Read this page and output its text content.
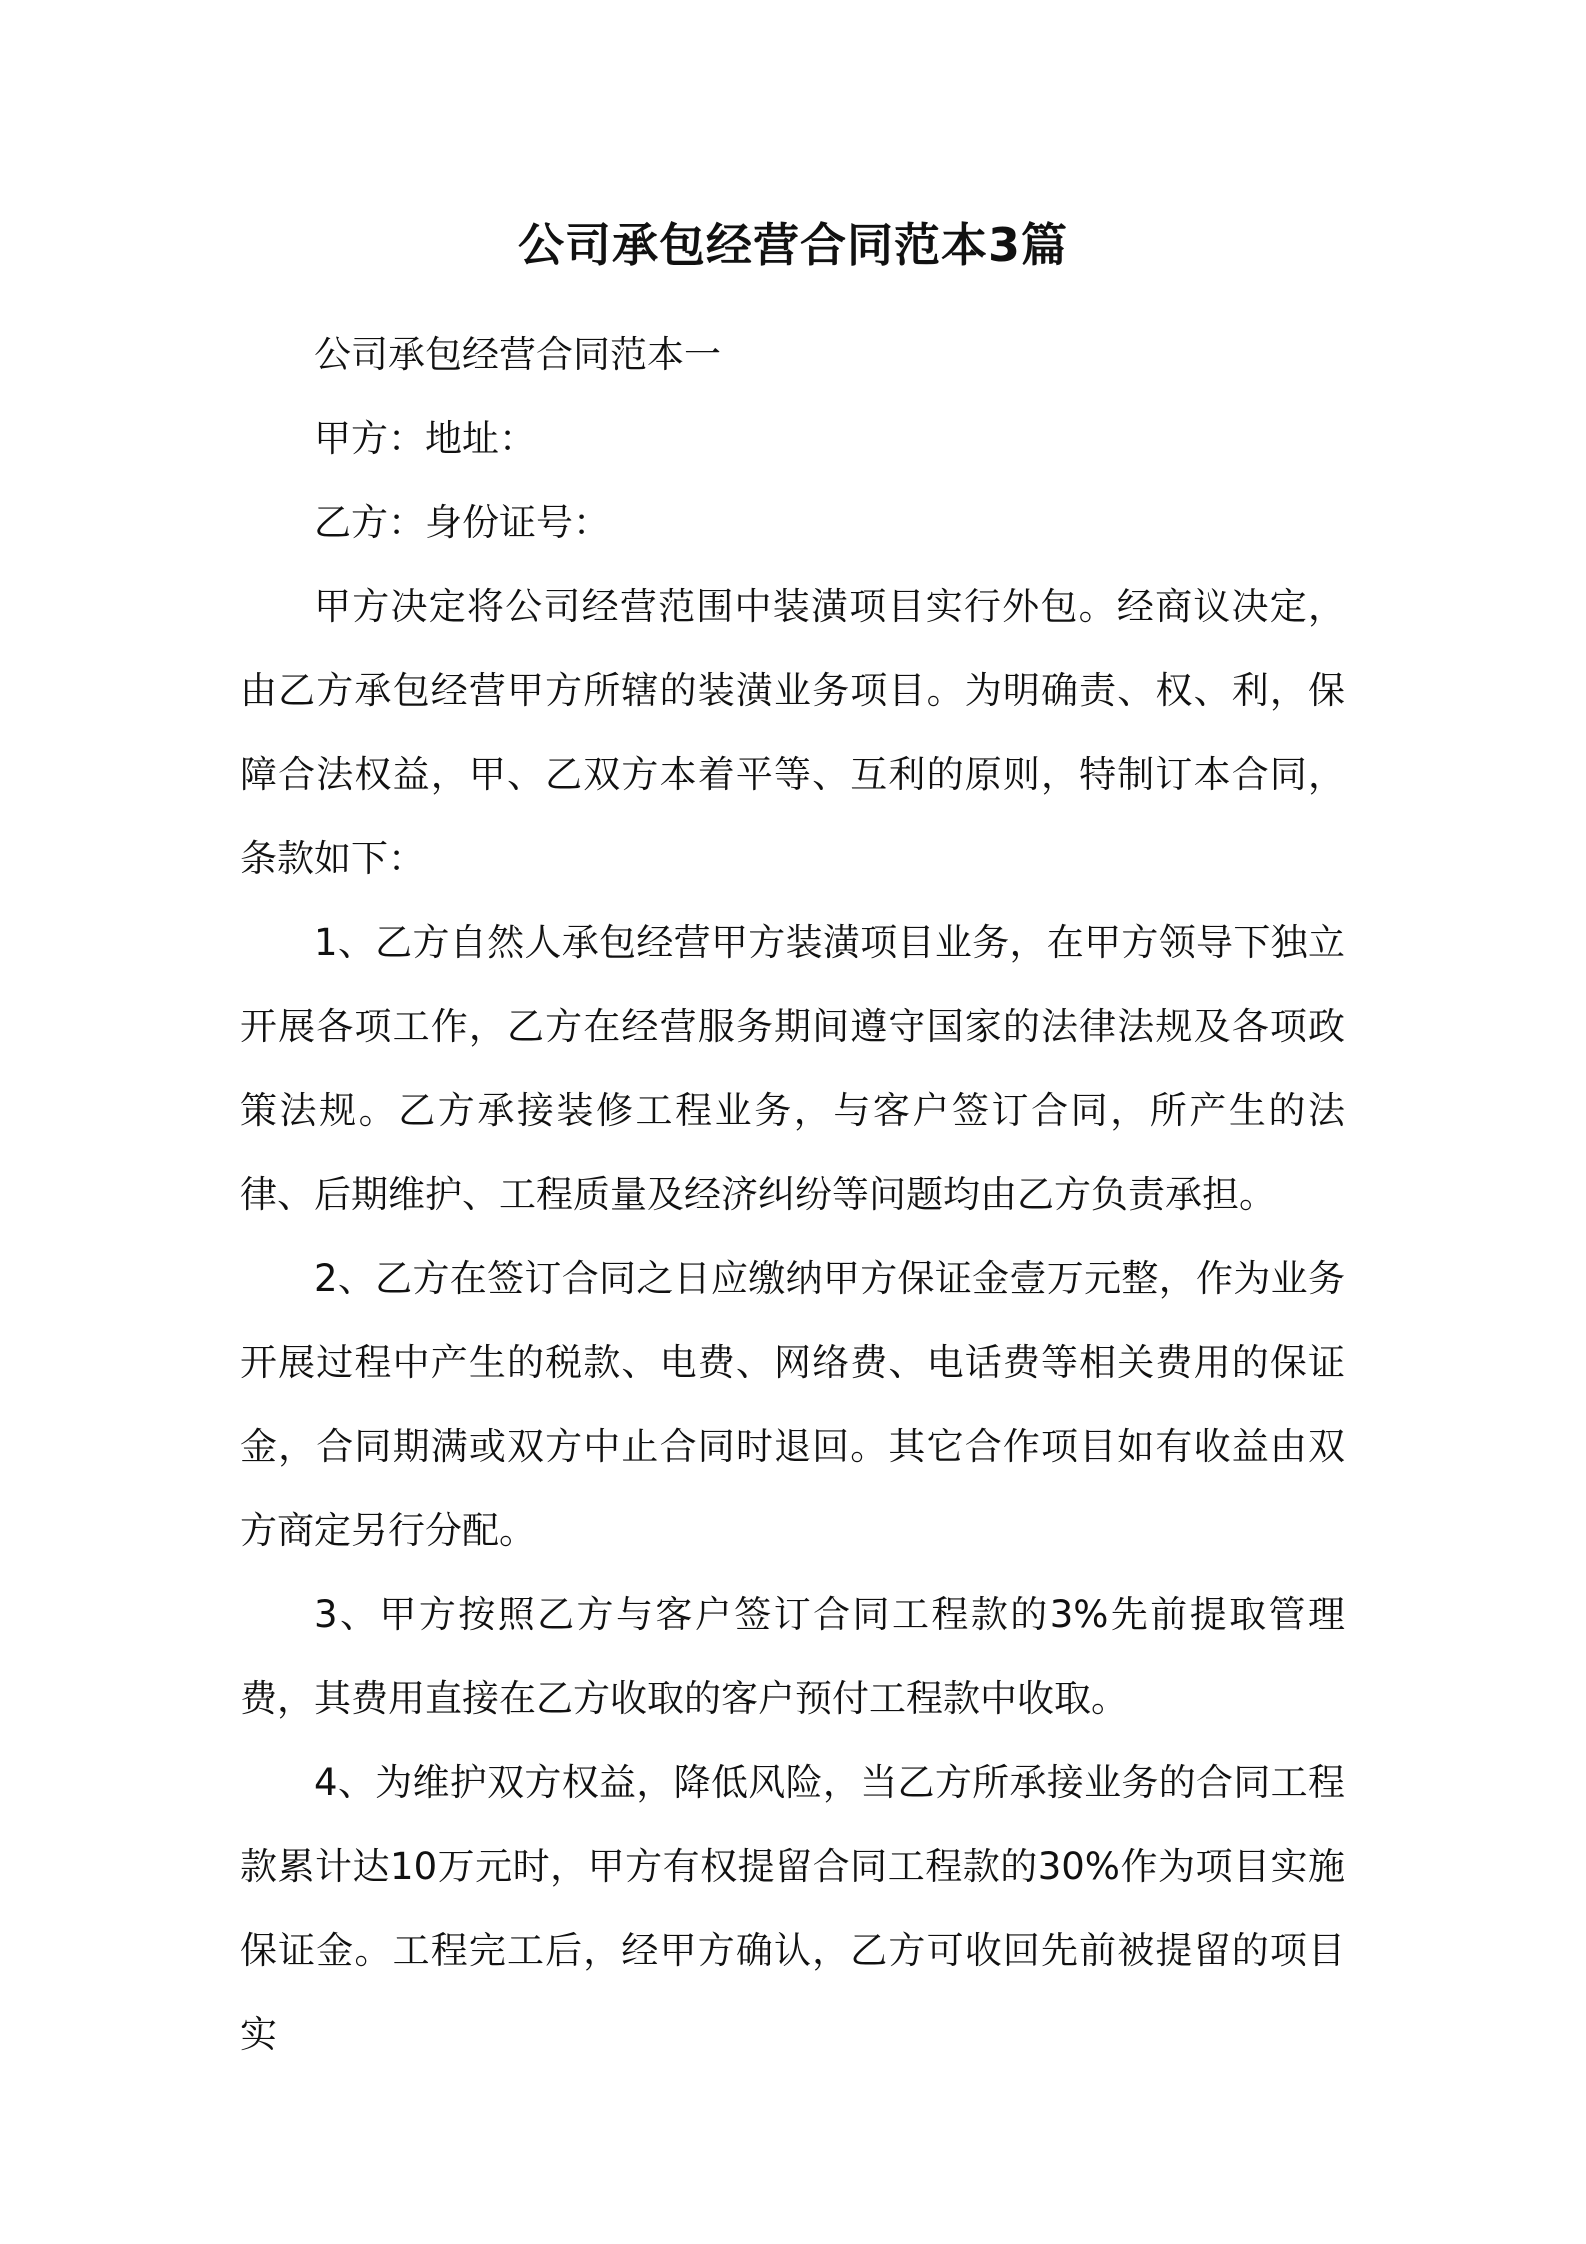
公司承包经营合同范本3篇

公司承包经营合同范本一

甲方：地址：

乙方：身份证号：

甲方决定将公司经营范围中装潢项目实行外包。经商议决定，由乙方承包经营甲方所辖的装潢业务项目。为明确责、权、利，保障合法权益，甲、乙双方本着平等、互利的原则，特制订本合同，条款如下：

1、乙方自然人承包经营甲方装潢项目业务，在甲方领导下独立开展各项工作，乙方在经营服务期间遵守国家的法律法规及各项政策法规。乙方承接装修工程业务，与客户签订合同，所产生的法律、后期维护、工程质量及经济纠纷等问题均由乙方负责承担。

2、乙方在签订合同之日应缴纳甲方保证金壹万元整，作为业务开展过程中产生的税款、电费、网络费、电话费等相关费用的保证金，合同期满或双方中止合同时退回。其它合作项目如有收益由双方商定另行分配。

3、甲方按照乙方与客户签订合同工程款的3%先前提取管理费，其费用直接在乙方收取的客户预付工程款中收取。

4、为维护双方权益，降低风险，当乙方所承接业务的合同工程款累计达10万元时，甲方有权提留合同工程款的30%作为项目实施保证金。工程完工后，经甲方确认，乙方可收回先前被提留的项目实
